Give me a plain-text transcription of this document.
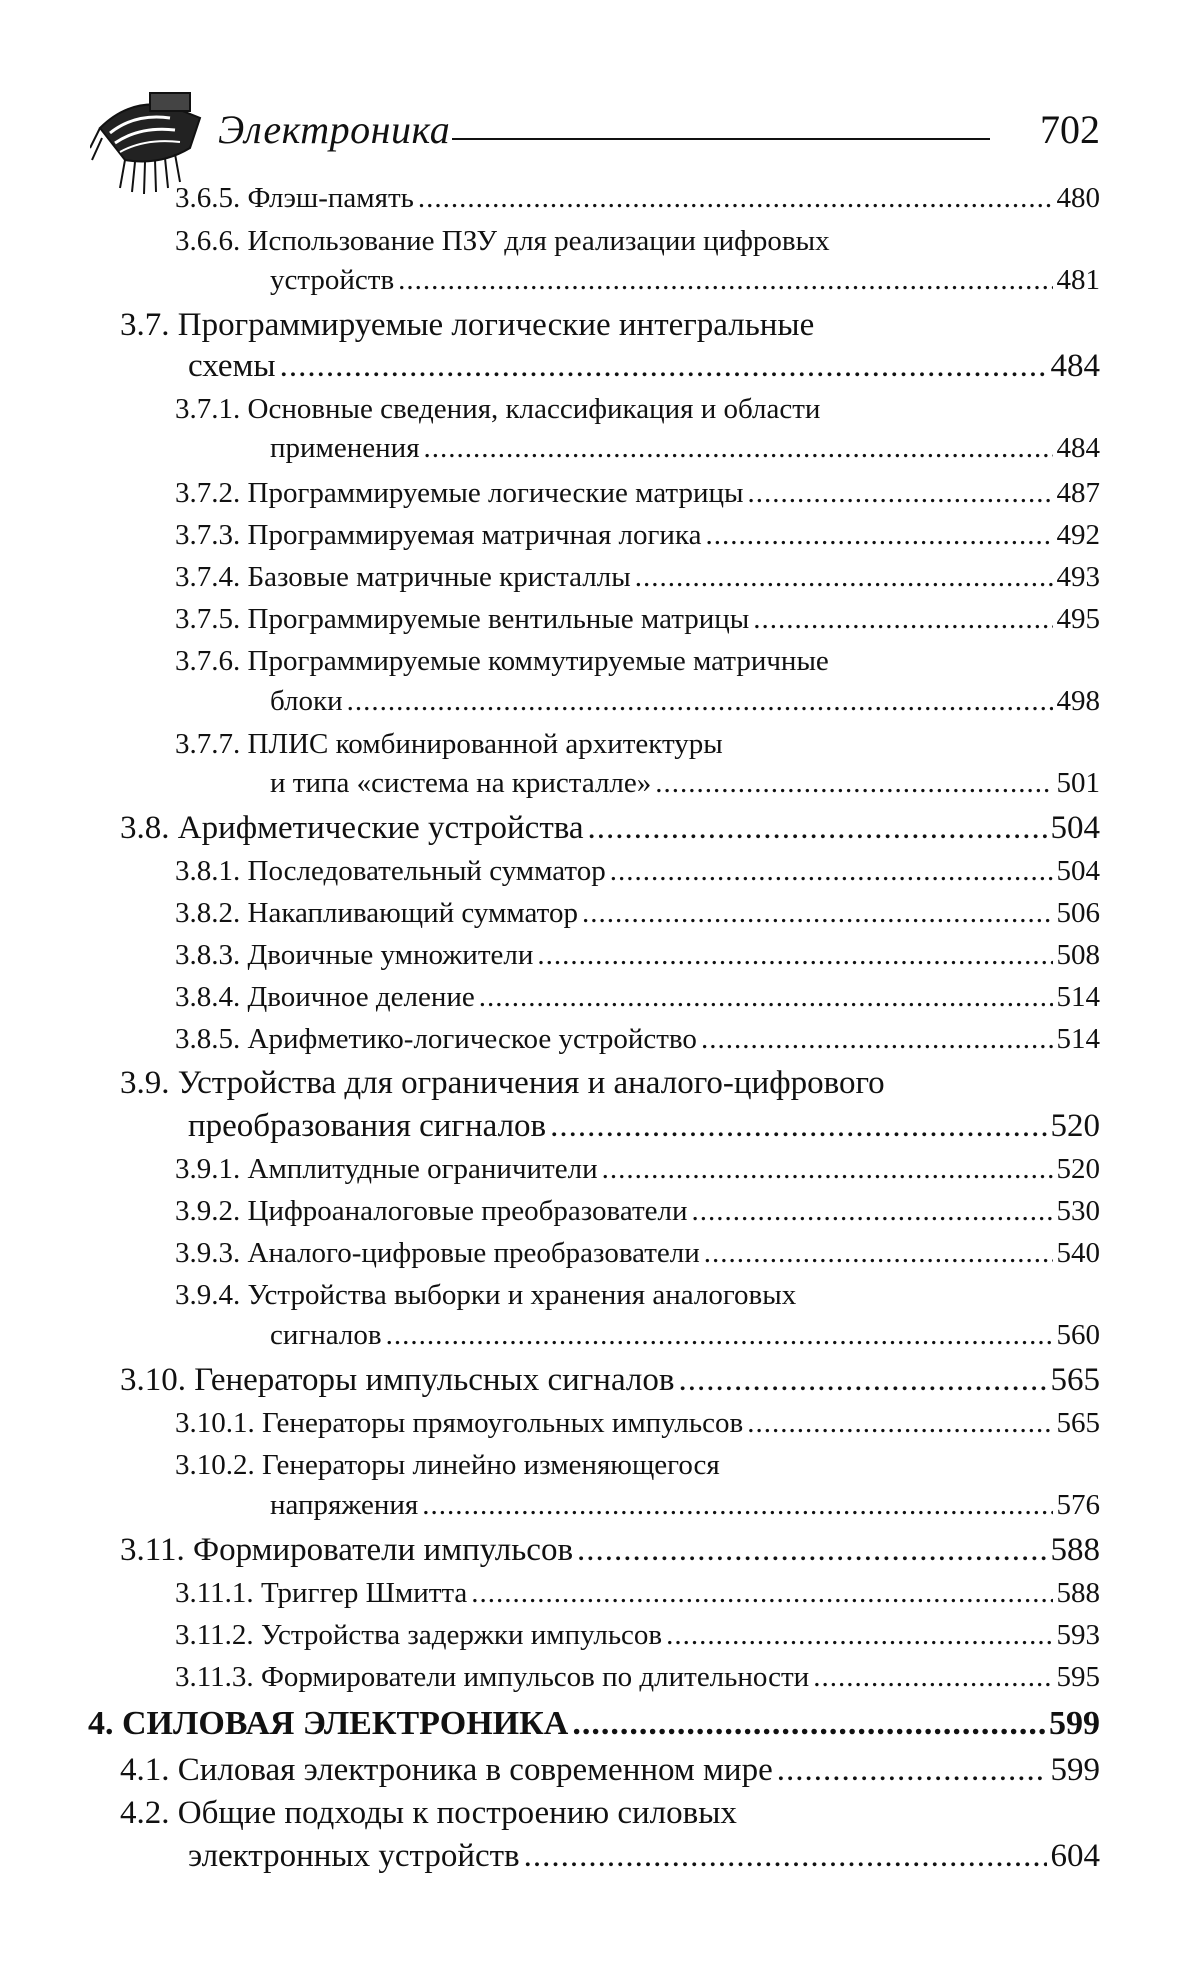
Электроника	702
3.6.5. Флэш-память .....	480
3.6.6. Использование ПЗУ для реализации цифровых
устройств .....	481
3.7. Программируемые логические интегральные
схемы .....	484
3.7.1. Основные сведения, классификация и области
применения .....	484
3.7.2. Программируемые логические матрицы .....	487
3.7.3. Программируемая матричная логика .....	492
3.7.4. Базовые матричные кристаллы .....	493
3.7.5. Программируемые вентильные матрицы .....	495
3.7.6. Программируемые коммутируемые матричные
блоки .....	498
3.7.7. ПЛИС комбинированной архитектуры
и типа «система на кристалле» .....	501
3.8. Арифметические устройства .....	504
3.8.1. Последовательный сумматор .....	504
3.8.2. Накапливающий сумматор .....	506
3.8.3. Двоичные умножители .....	508
3.8.4. Двоичное деление .....	514
3.8.5. Арифметико-логическое устройство .....	514
3.9. Устройства для ограничения и аналого-цифрового
преобразования сигналов .....	520
3.9.1. Амплитудные ограничители .....	520
3.9.2. Цифроаналоговые преобразователи .....	530
3.9.3. Аналого-цифровые преобразователи .....	540
3.9.4. Устройства выборки и хранения аналоговых
сигналов .....	560
3.10. Генераторы импульсных сигналов .....	565
3.10.1. Генераторы прямоугольных импульсов .....	565
3.10.2. Генераторы линейно изменяющегося
напряжения .....	576
3.11. Формирователи импульсов .....	588
3.11.1. Триггер Шмитта .....	588
3.11.2. Устройства задержки импульсов .....	593
3.11.3. Формирователи импульсов по длительности .....	595
4. СИЛОВАЯ ЭЛЕКТРОНИКА .....	599
4.1. Силовая электроника в современном мире .....	599
4.2. Общие подходы к построению силовых
электронных устройств .....	604
